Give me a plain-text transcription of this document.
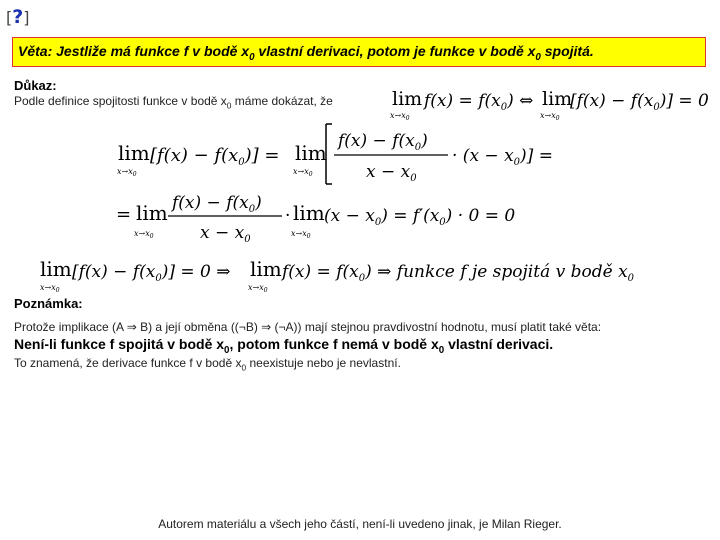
[?]
Věta: Jestliže má funkce f v bodě $x_0$ vlastní derivaci, potom je funkce v bodě $x_0$ spojitá.
Důkaz:
Podle definice spojitosti funkce v bodě $x_0$ máme dokázat, že	lim
$x\to x_0$
$f(x) = f(x_0)$ ⇔ lim
$x\to x_0$
$[f(x) - f(x_0)] = 0$
lim
$x\to x_0$
$[f(x) - f(x_0)] = \lim$
$x\to x_0$
$f(x) - f(x_0)$
$x - x_0$
· $(x - x_0)$] =
= lim
$x\to x_0$
$f(x) - f(x_0)$
$x - x_0$
· lim
$x\to x_0$
$(x - x_0) = f'(x_0) \cdot 0 = 0$
lim
$x\to x_0$
$[f(x) - f(x_0)] = 0$ ⇒ lim
$x\to x_0$
$f(x) = f(x_0)$ ⇒ funkce f je spojitá v bodě $x_0$
Poznámka:
Protože implikace (A ⇒ B) a její obměna ((¬B) ⇒ (¬A)) mají stejnou pravdivostní hodnotu, musí platit také věta:
Není-li funkce f spojitá v bodě $x_0$, potom funkce f nemá v bodě $x_0$ vlastní derivaci.
To znamená, že derivace funkce f v bodě $x_0$ neexistuje nebo je nevlastní.
Autorem materiálu a všech jeho částí, není-li uvedeno jinak, je Milan Rieger.
